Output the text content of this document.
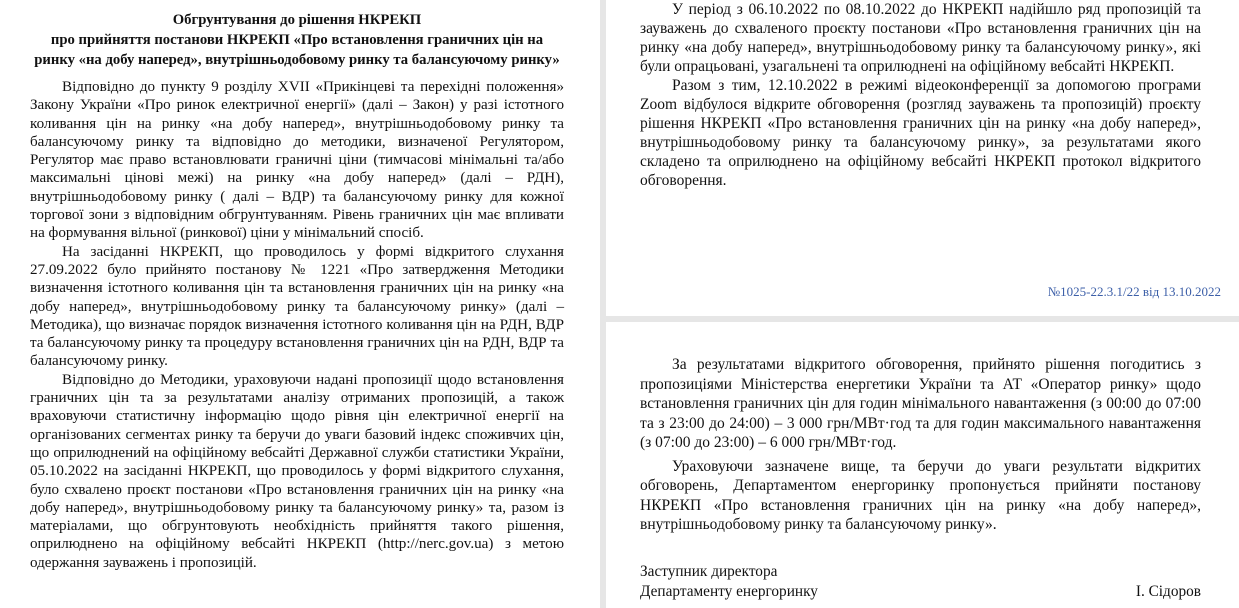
Обгрунтування до рішення НКРЕКП
про прийняття постанови НКРЕКП «Про встановлення граничних цін на ринку «на добу наперед», внутрішньодобовому ринку та балансуючому ринку»

Відповідно до пункту 9 розділу XVII «Прикінцеві та перехідні положення» Закону України «Про ринок електричної енергії» (далі – Закон) у разі істотного коливання цін на ринку «на добу наперед», внутрішньодобовому ринку та балансуючому ринку та відповідно до методики, визначеної Регулятором, Регулятор має право встановлювати граничні ціни (тимчасові мінімальні та/або максимальні цінові межі) на ринку «на добу наперед» (далі – РДН), внутрішньодобовому ринку ( далі – ВДР) та балансуючому ринку для кожної торгової зони з відповідним обгрунтуванням. Рівень граничних цін має впливати на формування вільної (ринкової) ціни у мінімальний спосіб.

На засіданні НКРЕКП, що проводилось у формі відкритого слухання 27.09.2022 було прийнято постанову № 1221 «Про затвердження Методики визначення істотного коливання цін та встановлення граничних цін на ринку «на добу наперед», внутрішньодобовому ринку та балансуючому ринку» (далі – Методика), що визначає порядок визначення істотного коливання цін на РДН, ВДР та балансуючому ринку та процедуру встановлення граничних цін на РДН, ВДР та балансуючому ринку.

Відповідно до Методики, ураховуючи надані пропозиції щодо встановлення граничних цін та за результатами аналізу отриманих пропозицій, а також враховуючи статистичну інформацію щодо рівня цін електричної енергії на організованих сегментах ринку та беручи до уваги базовий індекс споживчих цін, що оприлюднений на офіційному вебсайті Державної служби статистики України, 05.10.2022 на засіданні НКРЕКП, що проводилось у формі відкритого слухання, було схвалено проєкт постанови «Про встановлення граничних цін на ринку «на добу наперед», внутрішньодобовому ринку та балансуючому ринку» та, разом із матеріалами, що обгрунтовують необхідність прийняття такого рішення, оприлюднено на офіційному вебсайті НКРЕКП (http://nerc.gov.ua) з метою одержання зауважень і пропозицій.

У період з 06.10.2022 по 08.10.2022 до НКРЕКП надійшло ряд пропозицій та зауважень до схваленого проєкту постанови «Про встановлення граничних цін на ринку «на добу наперед», внутрішньодобовому ринку та балансуючому ринку», які були опрацьовані, узагальнені та оприлюднені на офіційному вебсайті НКРЕКП.

Разом з тим, 12.10.2022 в режимі відеоконференції за допомогою програми Zoom відбулося відкрите обговорення (розгляд зауважень та пропозицій) проєкту рішення НКРЕКП «Про встановлення граничних цін на ринку «на добу наперед», внутрішньодобовому ринку та балансуючому ринку», за результатами якого складено та оприлюднено на офіційному вебсайті НКРЕКП протокол відкритого обговорення.

№1025-22.3.1/22 від 13.10.2022

За результатами відкритого обговорення, прийнято рішення погодитись з пропозиціями Міністерства енергетики України та АТ «Оператор ринку» щодо встановлення граничних цін для годин мінімального навантаження (з 00:00 до 07:00 та з 23:00 до 24:00) – 3 000 грн/МВт·год та для годин максимального навантаження (з 07:00 до 23:00) – 6 000 грн/МВт·год.

Ураховуючи зазначене вище, та беручи до уваги результати відкритих обговорень, Департаментом енергоринку пропонується прийняти постанову НКРЕКП «Про встановлення граничних цін на ринку «на добу наперед», внутрішньодобовому ринку та балансуючому ринку».

Заступник директора
Департаменту енергоринку	І. Сідоров
